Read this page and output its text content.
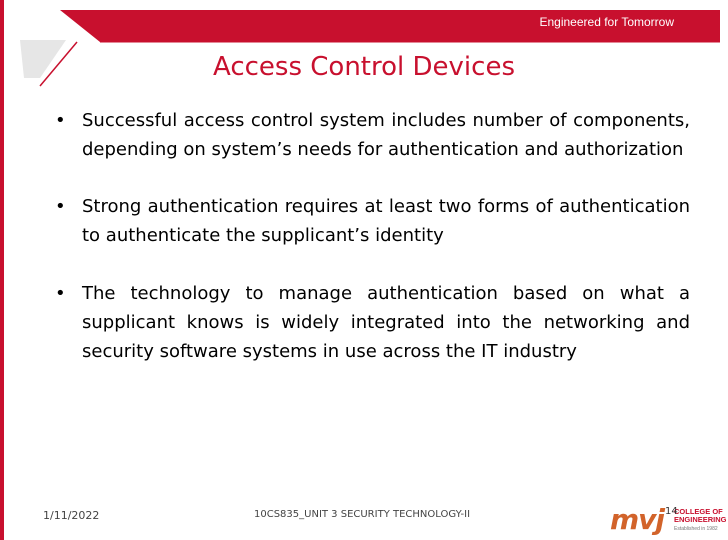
Engineered for Tomorrow
Access Control Devices
• Successful access control system includes number of components, depending on system’s needs for authentication and authorization
• Strong authentication requires at least two forms of authentication to authenticate the supplicant’s identity
• The technology to manage authentication based on what a supplicant knows is widely integrated into the networking and security software systems in use across the IT industry
1/11/2022	10CS835_UNIT 3 SECURITY TECHNOLOGY-II	mvj COLLEGE OF
ENGINEERING
Established in 1982
14
